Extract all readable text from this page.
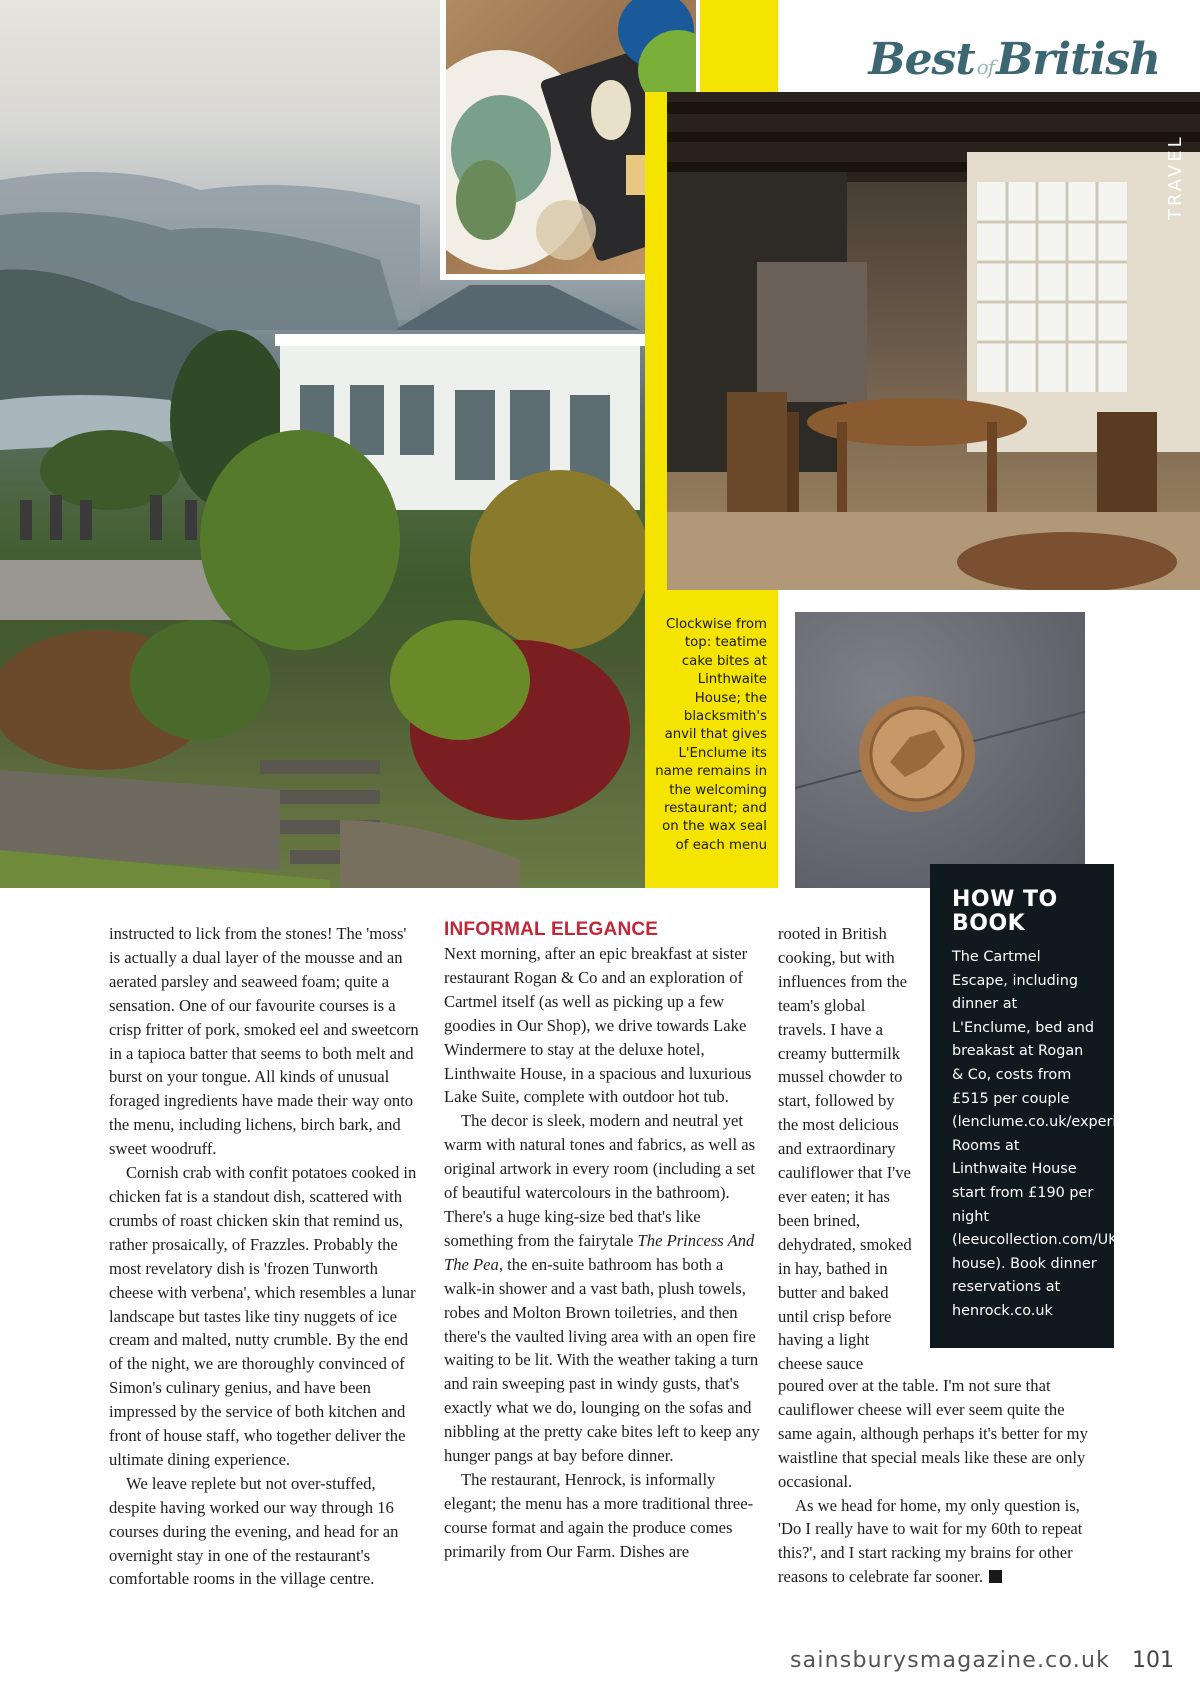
Best ofBritish
TRAVEL
Clockwise from top: teatime cake bites at Linthwaite House; the blacksmith's anvil that gives L'Enclume its name remains in the welcoming restaurant; and on the wax seal of each menu
HOW TO
BOOK
The Cartmel Escape, including dinner at L'Enclume, bed and breakast at Rogan & Co, costs from £515 per couple (lenclume.co.uk/experiences) Rooms at Linthwaite House start from £190 per night (leeucollection.com/UK/linthwaite-house). Book dinner reservations at henrock.co.uk

instructed to lick from the stones! The 'moss' is actually a dual layer of the mousse and an aerated parsley and seaweed foam; quite a sensation. One of our favourite courses is a crisp fritter of pork, smoked eel and sweetcorn in a tapioca batter that seems to both melt and burst on your tongue. All kinds of unusual foraged ingredients have made their way onto the menu, including lichens, birch bark, and sweet woodruff.

Cornish crab with confit potatoes cooked in chicken fat is a standout dish, scattered with crumbs of roast chicken skin that remind us, rather prosaically, of Frazzles. Probably the most revelatory dish is 'frozen Tunworth cheese with verbena', which resembles a lunar landscape but tastes like tiny nuggets of ice cream and malted, nutty crumble. By the end of the night, we are thoroughly convinced of Simon's culinary genius, and have been impressed by the service of both kitchen and front of house staff, who together deliver the ultimate dining experience.

We leave replete but not over-stuffed, despite having worked our way through 16 courses during the evening, and head for an overnight stay in one of the restaurant's comfortable rooms in the village centre.

INFORMAL ELEGANCE

Next morning, after an epic breakfast at sister restaurant Rogan & Co and an exploration of Cartmel itself (as well as picking up a few goodies in Our Shop), we drive towards Lake Windermere to stay at the deluxe hotel, Linthwaite House, in a spacious and luxurious Lake Suite, complete with outdoor hot tub.

The decor is sleek, modern and neutral yet warm with natural tones and fabrics, as well as original artwork in every room (including a set of beautiful watercolours in the bathroom). There's a huge king-size bed that's like something from the fairytale The Princess And The Pea, the en-suite bathroom has both a walk-in shower and a vast bath, plush towels, robes and Molton Brown toiletries, and then there's the vaulted living area with an open fire waiting to be lit. With the weather taking a turn and rain sweeping past in windy gusts, that's exactly what we do, lounging on the sofas and nibbling at the pretty cake bites left to keep any hunger pangs at bay before dinner.

The restaurant, Henrock, is informally elegant; the menu has a more traditional three-course format and again the produce comes primarily from Our Farm. Dishes are

rooted in British cooking, but with influences from the team's global travels. I have a creamy buttermilk mussel chowder to start, followed by the most delicious and extraordinary cauliflower that I've ever eaten; it has been brined, dehydrated, smoked in hay, bathed in butter and baked until crisp before having a light cheese sauce

poured over at the table. I'm not sure that cauliflower cheese will ever seem quite the same again, although perhaps it's better for my waistline that special meals like these are only occasional.

As we head for home, my only question is, 'Do I really have to wait for my 60th to repeat this?', and I start racking my brains for other reasons to celebrate far sooner.

sainsburysmagazine.co.uk 101
